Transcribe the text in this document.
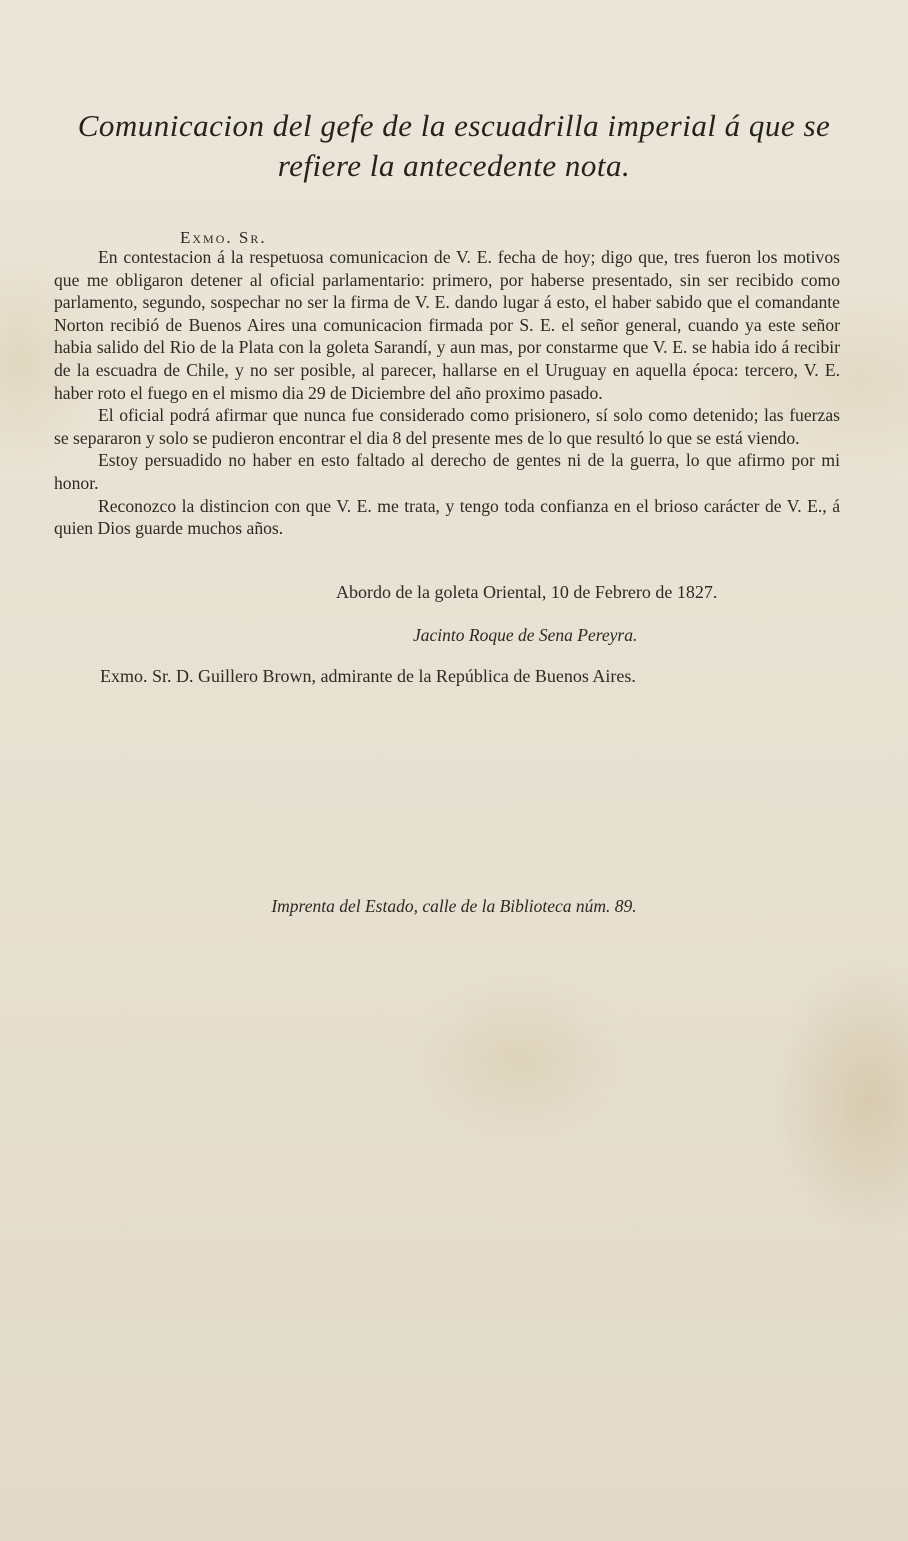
Comunicacion del gefe de la escuadrilla imperial á que se refiere la antecedente nota.
Exmo. Sr.

En contestacion á la respetuosa comunicacion de V. E. fecha de hoy; digo que, tres fueron los motivos que me obligaron detener al oficial parlamentario: primero, por haberse presentado, sin ser recibido como parlamento, segundo, sospechar no ser la firma de V. E. dando lugar á esto, el haber sabido que el comandante Norton recibió de Buenos Aires una comunicacion firmada por S. E. el señor general, cuando ya este señor habia salido del Rio de la Plata con la goleta Sarandí, y aun mas, por constarme que V. E. se habia ido á recibir de la escuadra de Chile, y no ser posible, al parecer, hallarse en el Uruguay en aquella época: tercero, V. E. haber roto el fuego en el mismo dia 29 de Diciembre del año proximo pasado.

El oficial podrá afirmar que nunca fue considerado como prisionero, sí solo como detenido; las fuerzas se separaron y solo se pudieron encontrar el dia 8 del presente mes de lo que resultó lo que se está viendo.

Estoy persuadido no haber en esto faltado al derecho de gentes ni de la guerra, lo que afirmo por mi honor.

Reconozco la distincion con que V. E. me trata, y tengo toda confianza en el brioso carácter de V. E., á quien Dios guarde muchos años.

Abordo de la goleta Oriental, 10 de Febrero de 1827.
Jacinto Roque de Sena Pereyra.
Exmo. Sr. D. Guillero Brown, admirante de la República de Buenos Aires.
Imprenta del Estado, calle de la Biblioteca núm. 89.
